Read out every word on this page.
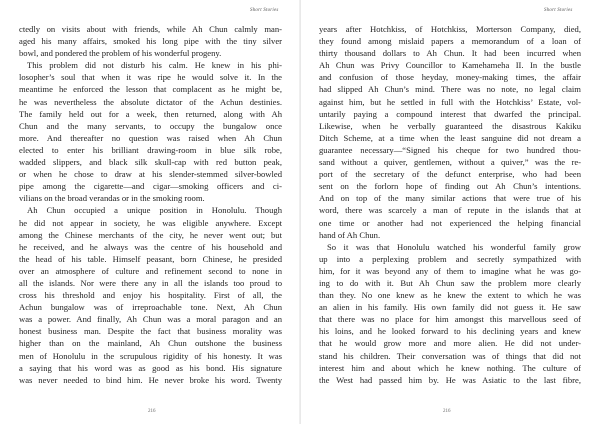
Short Stories
ctedly on visits about with friends, while Ah Chun calmly man-
aged his many affairs, smoked his long pipe with the tiny silver
bowl, and pondered the problem of his wonderful progeny.
This problem did not disturb his calm. He knew in his phi-
losopher’s soul that when it was ripe he would solve it. In the
meantime he enforced the lesson that complacent as he might be,
he was nevertheless the absolute dictator of the Achun destinies.
The family held out for a week, then returned, along with Ah
Chun and the many servants, to occupy the bungalow once
more. And thereafter no question was raised when Ah Chun
elected to enter his brilliant drawing-room in blue silk robe,
wadded slippers, and black silk skull-cap with red button peak,
or when he chose to draw at his slender-stemmed silver-bowled
pipe among the cigarette—and cigar—smoking officers and ci-
vilians on the broad verandas or in the smoking room.
Ah Chun occupied a unique position in Honolulu. Though
he did not appear in society, he was eligible anywhere. Except
among the Chinese merchants of the city, he never went out; but
he received, and he always was the centre of his household and
the head of his table. Himself peasant, born Chinese, he presided
over an atmosphere of culture and refinement second to none in
all the islands. Nor were there any in all the islands too proud to
cross his threshold and enjoy his hospitality. First of all, the
Achun bungalow was of irreproachable tone. Next, Ah Chun
was a power. And finally, Ah Chun was a moral paragon and an
honest business man. Despite the fact that business morality was
higher than on the mainland, Ah Chun outshone the business
men of Honolulu in the scrupulous rigidity of his honesty. It was
a saying that his word was as good as his bond. His signature
was never needed to bind him. He never broke his word. Twenty
216
Short Stories
years after Hotchkiss, of Hotchkiss, Morterson Company, died,
they found among mislaid papers a memorandum of a loan of
thirty thousand dollars to Ah Chun. It had been incurred when
Ah Chun was Privy Councillor to Kamehameha II. In the bustle
and confusion of those heyday, money-making times, the affair
had slipped Ah Chun’s mind. There was no note, no legal claim
against him, but he settled in full with the Hotchkiss’ Estate, vol-
untarily paying a compound interest that dwarfed the principal.
Likewise, when he verbally guaranteed the disastrous Kakiku
Ditch Scheme, at a time when the least sanguine did not dream a
guarantee necessary—“Signed his cheque for two hundred thou-
sand without a quiver, gentlemen, without a quiver,” was the re-
port of the secretary of the defunct enterprise, who had been
sent on the forlorn hope of finding out Ah Chun’s intentions.
And on top of the many similar actions that were true of his
word, there was scarcely a man of repute in the islands that at
one time or another had not experienced the helping financial
hand of Ah Chun.
So it was that Honolulu watched his wonderful family grow
up into a perplexing problem and secretly sympathized with
him, for it was beyond any of them to imagine what he was go-
ing to do with it. But Ah Chun saw the problem more clearly
than they. No one knew as he knew the extent to which he was
an alien in his family. His own family did not guess it. He saw
that there was no place for him amongst this marvellous seed of
his loins, and he looked forward to his declining years and knew
that he would grow more and more alien. He did not under-
stand his children. Their conversation was of things that did not
interest him and about which he knew nothing. The culture of
the West had passed him by. He was Asiatic to the last fibre,
216
